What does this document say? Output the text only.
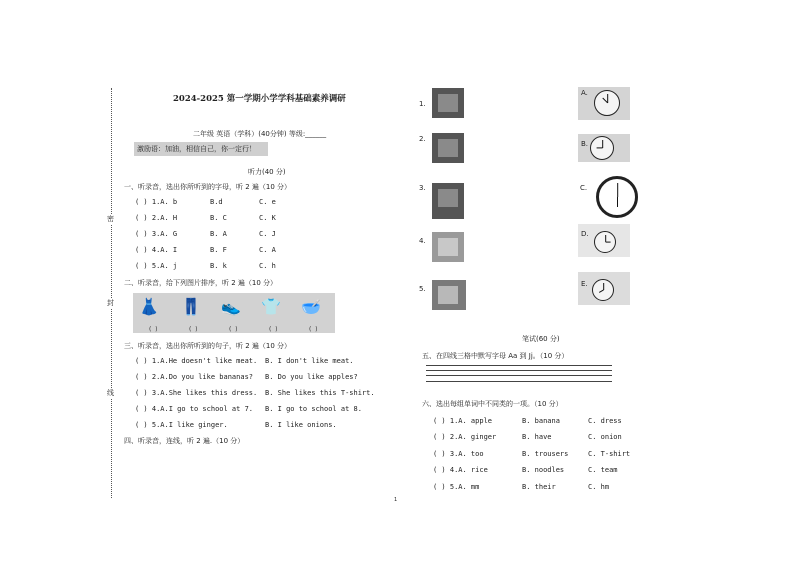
密
封
线
2024-2025 第一学期小学学科基础素养调研
二年级 英语（学科）(40分钟) 等级:______
激励语：加油，相信自己，你一定行！
听力(40 分)
一、听录音，选出你所听到的字母，听 2 遍（10 分）
( ) 1.A. b	B.d	C. e
( ) 2.A. H	B. C	C. K
( ) 3.A. G	B. A	C. J
( ) 4.A. I	B. F	C. A
( ) 5.A. j	B. k	C. h
二、听录音，给下列图片排序，听 2 遍（10 分）
👗 👖 👟 👕 🥣
(  )	(  )	(  )	(  )	(  )
三、听录音，选出你所听到的句子，听 2 遍（10 分）
( ) 1.A.He doesn't like meat. B. I don't like meat.
( ) 2.A.Do you like bananas? B. Do you like apples?
( ) 3.A.She likes this dress. B. She likes this T-shirt.
( ) 4.A.I go to school at 7. B. I go to school at 8.
( ) 5.A.I like ginger.	B. I like onions.
四、听录音，连线，听 2 遍.（10 分）
1.
2.
3.
4.
5.
A.
B.
C.
D.
E.
笔试(60 分)
五、在四线三格中默写字母 Aa 到 Jj。（10 分）
六、选出每组单词中不同类的一项。（10 分）
( ) 1.A. apple	B. banana	C. dress
( ) 2.A. ginger	B. have	C. onion
( ) 3.A. too	B. trousers	C. T-shirt
( ) 4.A. rice	B. noodles	C. team
( ) 5.A. mm	B. their	C. hm
1
